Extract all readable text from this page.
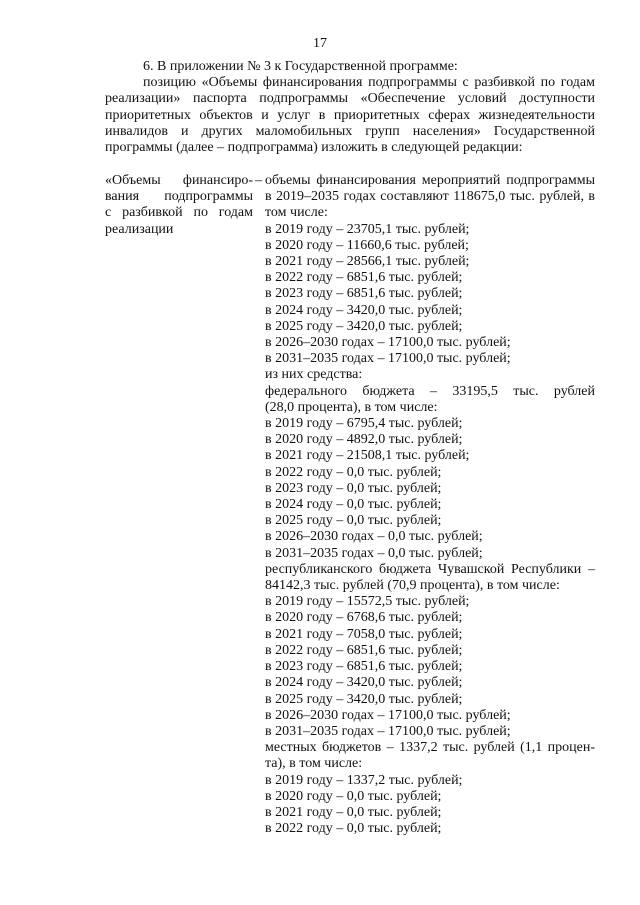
17

6. В приложении № 3 к Государственной программе:

позицию «Объемы финансирования подпрограммы с разбивкой по годам реализации» паспорта подпрограммы «Обеспечение условий доступности приоритетных объектов и услуг в приоритетных сферах жизнедеятельности инвалидов и других маломобильных групп населения» Государственной программы (далее – подпрограмма) изложить в следующей редакции:

«Объемы финансиро-
вания подпрограммы
с разбивкой по годам
реализации
– объемы финансирования мероприятий подпрограммы
в 2019–2035 годах составляют 118675,0 тыс. рублей, в
том числе:
в 2019 году – 23705,1 тыс. рублей;
в 2020 году – 11660,6 тыс. рублей;
в 2021 году – 28566,1 тыс. рублей;
в 2022 году – 6851,6 тыс. рублей;
в 2023 году – 6851,6 тыс. рублей;
в 2024 году – 3420,0 тыс. рублей;
в 2025 году – 3420,0 тыс. рублей;
в 2026–2030 годах – 17100,0 тыс. рублей;
в 2031–2035 годах – 17100,0 тыс. рублей;
из них средства:
федерального бюджета – 33195,5 тыс. рублей
(28,0 процента), в том числе:
в 2019 году – 6795,4 тыс. рублей;
в 2020 году – 4892,0 тыс. рублей;
в 2021 году – 21508,1 тыс. рублей;
в 2022 году – 0,0 тыс. рублей;
в 2023 году – 0,0 тыс. рублей;
в 2024 году – 0,0 тыс. рублей;
в 2025 году – 0,0 тыс. рублей;
в 2026–2030 годах – 0,0 тыс. рублей;
в 2031–2035 годах – 0,0 тыс. рублей;
республиканского бюджета Чувашской Республики –
84142,3 тыс. рублей (70,9 процента), в том числе:
в 2019 году – 15572,5 тыс. рублей;
в 2020 году – 6768,6 тыс. рублей;
в 2021 году – 7058,0 тыс. рублей;
в 2022 году – 6851,6 тыс. рублей;
в 2023 году – 6851,6 тыс. рублей;
в 2024 году – 3420,0 тыс. рублей;
в 2025 году – 3420,0 тыс. рублей;
в 2026–2030 годах – 17100,0 тыс. рублей;
в 2031–2035 годах – 17100,0 тыс. рублей;
местных бюджетов – 1337,2 тыс. рублей (1,1 процен-
та), в том числе:
в 2019 году – 1337,2 тыс. рублей;
в 2020 году – 0,0 тыс. рублей;
в 2021 году – 0,0 тыс. рублей;
в 2022 году – 0,0 тыс. рублей;
